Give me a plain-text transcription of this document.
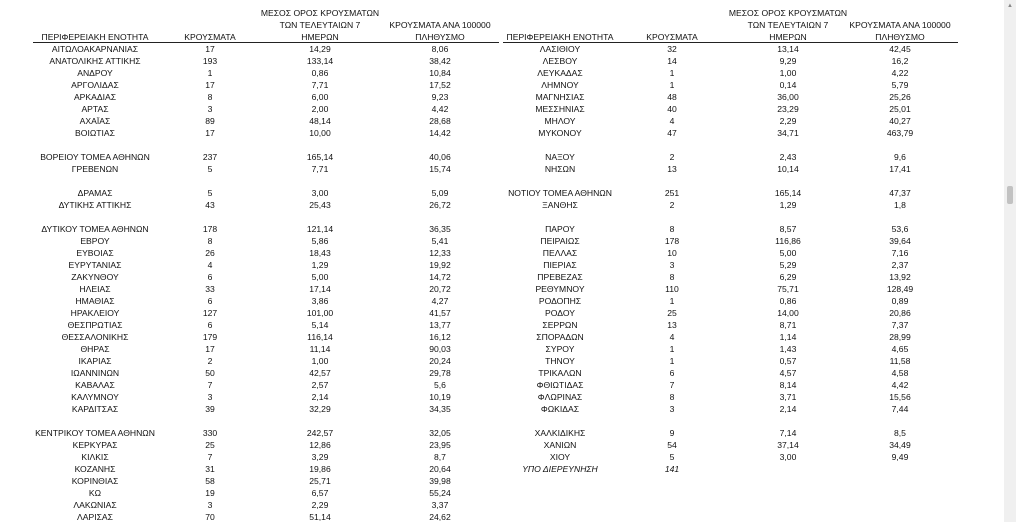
ΜΕΣΟΣ ΟΡΟΣ ΚΡΟΥΣΜΑΤΩΝ
ΤΩΝ ΤΕΛΕΥΤΑΙΩΝ 7	ΚΡΟΥΣΜΑΤΑ ΑΝΑ 100000
ΠΕΡΙΦΕΡΕΙΑΚΗ ΕΝΟΤΗΤΑ	ΚΡΟΥΣΜΑΤΑ	ΗΜΕΡΩΝ	ΠΛΗΘΥΣΜΟ
ΜΕΣΟΣ ΟΡΟΣ ΚΡΟΥΣΜΑΤΩΝ
ΤΩΝ ΤΕΛΕΥΤΑΙΩΝ 7	ΚΡΟΥΣΜΑΤΑ ΑΝΑ 100000
ΠΕΡΙΦΕΡΕΙΑΚΗ ΕΝΟΤΗΤΑ	ΚΡΟΥΣΜΑΤΑ	ΗΜΕΡΩΝ	ΠΛΗΘΥΣΜΟ
ΑΙΤΩΛΟΑΚΑΡΝΑΝΙΑΣ	17	14,29	8,06
ΑΝΑΤΟΛΙΚΗΣ ΑΤΤΙΚΗΣ	193	133,14	38,42
ΑΝΔΡΟΥ	1	0,86	10,84
ΑΡΓΟΛΙΔΑΣ	17	7,71	17,52
ΑΡΚΑΔΙΑΣ	8	6,00	9,23
ΑΡΤΑΣ	3	2,00	4,42
ΑΧΑΪΑΣ	89	48,14	28,68
ΒΟΙΩΤΙΑΣ	17	10,00	14,42
ΒΟΡΕΙΟΥ ΤΟΜΕΑ ΑΘΗΝΩΝ	237	165,14	40,06
ΓΡΕΒΕΝΩΝ	5	7,71	15,74
ΔΡΑΜΑΣ	5	3,00	5,09
ΔΥΤΙΚΗΣ ΑΤΤΙΚΗΣ	43	25,43	26,72
ΔΥΤΙΚΟΥ ΤΟΜΕΑ ΑΘΗΝΩΝ	178	121,14	36,35
ΕΒΡΟΥ	8	5,86	5,41
ΕΥΒΟΙΑΣ	26	18,43	12,33
ΕΥΡΥΤΑΝΙΑΣ	4	1,29	19,92
ΖΑΚΥΝΘΟΥ	6	5,00	14,72
ΗΛΕΙΑΣ	33	17,14	20,72
ΗΜΑΘΙΑΣ	6	3,86	4,27
ΗΡΑΚΛΕΙΟΥ	127	101,00	41,57
ΘΕΣΠΡΩΤΙΑΣ	6	5,14	13,77
ΘΕΣΣΑΛΟΝΙΚΗΣ	179	116,14	16,12
ΘΗΡΑΣ	17	11,14	90,03
ΙΚΑΡΙΑΣ	2	1,00	20,24
ΙΩΑΝΝΙΝΩΝ	50	42,57	29,78
ΚΑΒΑΛΑΣ	7	2,57	5,6
ΚΑΛΥΜΝΟΥ	3	2,14	10,19
ΚΑΡΔΙΤΣΑΣ	39	32,29	34,35
ΚΕΝΤΡΙΚΟΥ ΤΟΜΕΑ ΑΘΗΝΩΝ	330	242,57	32,05
ΚΕΡΚΥΡΑΣ	25	12,86	23,95
ΚΙΛΚΙΣ	7	3,29	8,7
ΚΟΖΑΝΗΣ	31	19,86	20,64
ΚΟΡΙΝΘΙΑΣ	58	25,71	39,98
ΚΩ	19	6,57	55,24
ΛΑΚΩΝΙΑΣ	3	2,29	3,37
ΛΑΡΙΣΑΣ	70	51,14	24,62
ΛΑΣΙΘΙΟΥ	32	13,14	42,45
ΛΕΣΒΟΥ	14	9,29	16,2
ΛΕΥΚΑΔΑΣ	1	1,00	4,22
ΛΗΜΝΟΥ	1	0,14	5,79
ΜΑΓΝΗΣΙΑΣ	48	36,00	25,26
ΜΕΣΣΗΝΙΑΣ	40	23,29	25,01
ΜΗΛΟΥ	4	2,29	40,27
ΜΥΚΟΝΟΥ	47	34,71	463,79
ΝΑΞΟΥ	2	2,43	9,6
ΝΗΣΩΝ	13	10,14	17,41
ΝΟΤΙΟΥ ΤΟΜΕΑ ΑΘΗΝΩΝ	251	165,14	47,37
ΞΑΝΘΗΣ	2	1,29	1,8
ΠΑΡΟΥ	8	8,57	53,6
ΠΕΙΡΑΙΩΣ	178	116,86	39,64
ΠΕΛΛΑΣ	10	5,00	7,16
ΠΙΕΡΙΑΣ	3	5,29	2,37
ΠΡΕΒΕΖΑΣ	8	6,29	13,92
ΡΕΘΥΜΝΟΥ	110	75,71	128,49
ΡΟΔΟΠΗΣ	1	0,86	0,89
ΡΟΔΟΥ	25	14,00	20,86
ΣΕΡΡΩΝ	13	8,71	7,37
ΣΠΟΡΑΔΩΝ	4	1,14	28,99
ΣΥΡΟΥ	1	1,43	4,65
ΤΗΝΟΥ	1	0,57	11,58
ΤΡΙΚΑΛΩΝ	6	4,57	4,58
ΦΘΙΩΤΙΔΑΣ	7	8,14	4,42
ΦΛΩΡΙΝΑΣ	8	3,71	15,56
ΦΩΚΙΔΑΣ	3	2,14	7,44
ΧΑΛΚΙΔΙΚΗΣ	9	7,14	8,5
ΧΑΝΙΩΝ	54	37,14	34,49
ΧΙΟΥ	5	3,00	9,49
ΥΠΟ ΔΙΕΡΕΥΝΗΣΗ	141
▲
